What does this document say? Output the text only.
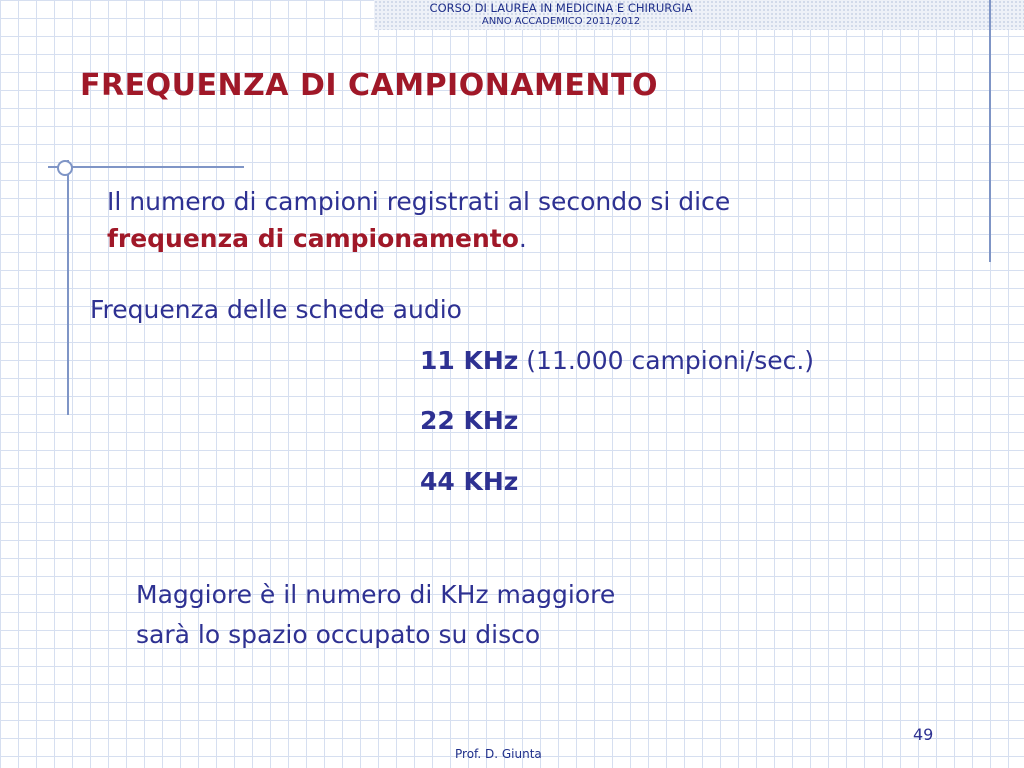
CORSO DI LAUREA IN MEDICINA E CHIRURGIA
ANNO ACCADEMICO 2011/2012
FREQUENZA DI CAMPIONAMENTO
Il numero di campioni registrati al secondo si dice
frequenza di campionamento.
Frequenza delle schede audio
11 KHz (11.000 campioni/sec.)
22 KHz
44 KHz
Maggiore è il numero di KHz maggiore
sarà lo spazio occupato su disco
49
Prof. D. Giunta
